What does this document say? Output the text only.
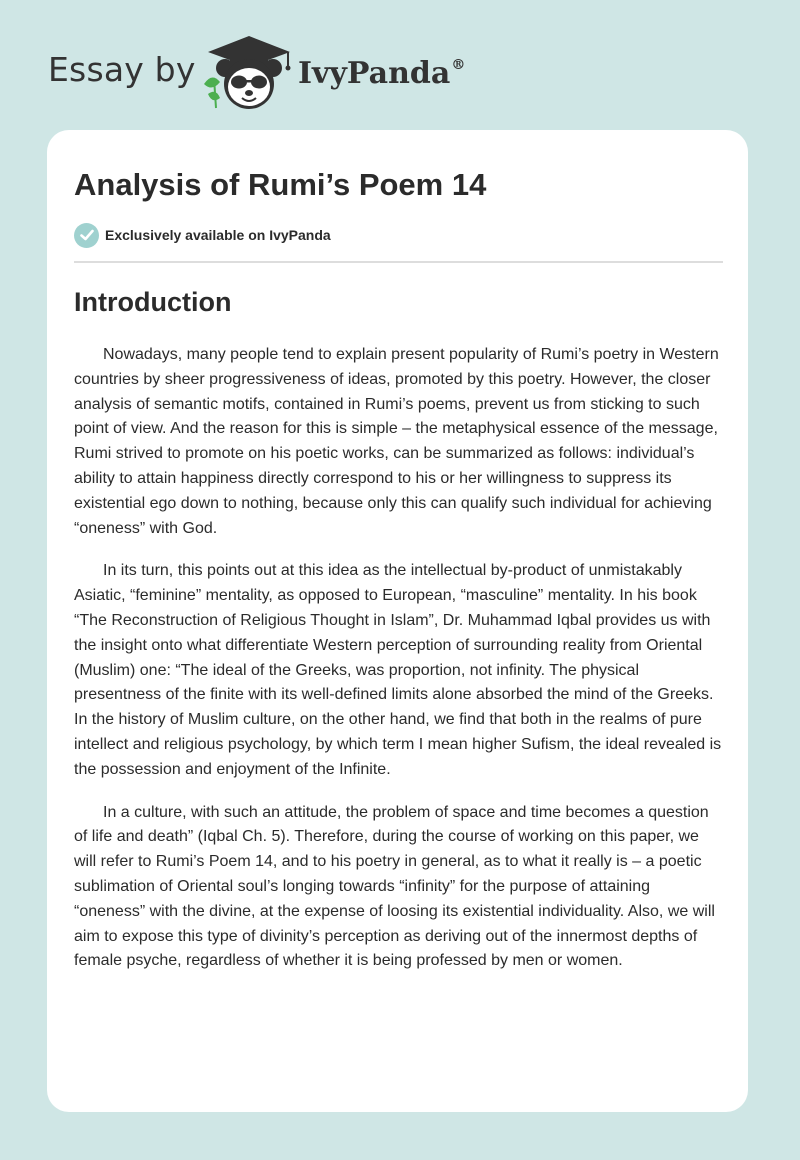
Essay by	IvyPanda®
Analysis of Rumi’s Poem 14
Exclusively available on IvyPanda
Introduction

Nowadays, many people tend to explain present popularity of Rumi’s poetry in Western countries by sheer progressiveness of ideas, promoted by this poetry. However, the closer analysis of semantic motifs, contained in Rumi’s poems, prevent us from sticking to such point of view. And the reason for this is simple – the metaphysical essence of the message, Rumi strived to promote on his poetic works, can be summarized as follows: individual’s ability to attain happiness directly correspond to his or her willingness to suppress its existential ego down to nothing, because only this can qualify such individual for achieving “oneness” with God.

In its turn, this points out at this idea as the intellectual by-product of unmistakably Asiatic, “feminine” mentality, as opposed to European, “masculine” mentality. In his book “The Reconstruction of Religious Thought in Islam”, Dr. Muhammad Iqbal provides us with the insight onto what differentiate Western perception of surrounding reality from Oriental (Muslim) one: “The ideal of the Greeks, was proportion, not infinity. The physical presentness of the finite with its well-defined limits alone absorbed the mind of the Greeks. In the history of Muslim culture, on the other hand, we find that both in the realms of pure intellect and religious psychology, by which term I mean higher Sufism, the ideal revealed is the possession and enjoyment of the Infinite.

In a culture, with such an attitude, the problem of space and time becomes a question of life and death” (Iqbal Ch. 5). Therefore, during the course of working on this paper, we will refer to Rumi’s Poem 14, and to his poetry in general, as to what it really is – a poetic sublimation of Oriental soul’s longing towards “infinity” for the purpose of attaining “oneness” with the divine, at the expense of loosing its existential individuality. Also, we will aim to expose this type of divinity’s perception as deriving out of the innermost depths of female psyche, regardless of whether it is being professed by men or women.
